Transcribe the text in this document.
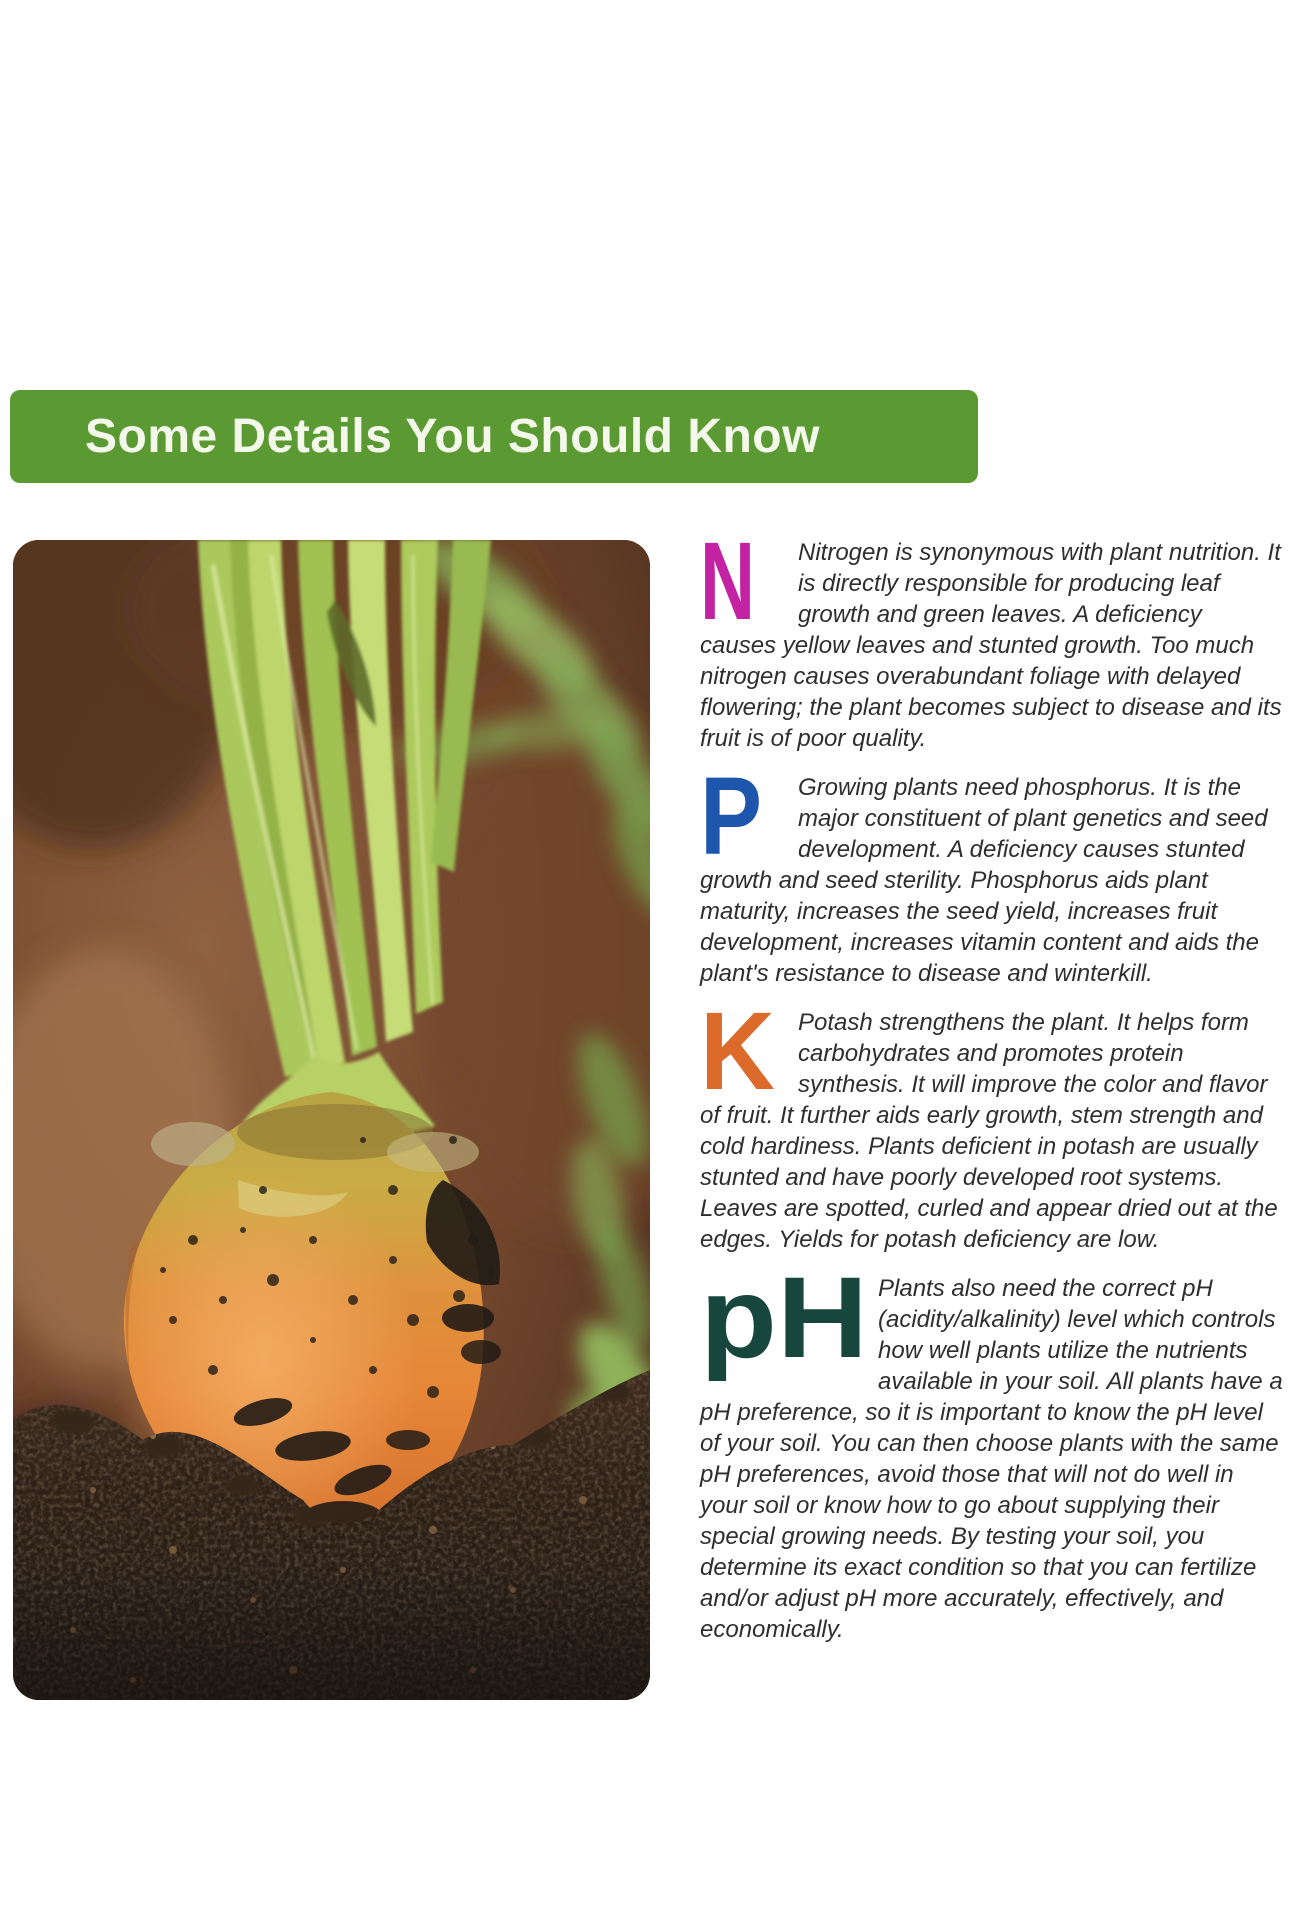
Some Details You Should Know
N	Nitrogen is synonymous with plant nutrition. It is directly responsible for producing leaf growth and green leaves. A deficiency causes yellow leaves and stunted growth. Too much nitrogen causes overabundant foliage with delayed flowering; the plant becomes subject to disease and its fruit is of poor quality.

P	Growing plants need phosphorus. It is the major constituent of plant genetics and seed development. A deficiency causes stunted growth and seed sterility. Phosphorus aids plant maturity, increases the seed yield, increases fruit development, increases vitamin content and aids the plant's resistance to disease and winterkill.

K Potash strengthens the plant. It helps form carbohydrates and promotes protein synthesis. It will improve the color and flavor of fruit. It further aids early growth, stem strength and cold hardiness. Plants deficient in potash are usually stunted and have poorly developed root systems. Leaves are spotted, curled and appear dried out at the edges. Yields for potash deficiency are low.

pH Plants also need the correct pH (acidity/alkalinity) level which controls how well plants utilize the nutrients available in your soil. All plants have a pH preference, so it is important to know the pH level of your soil. You can then choose plants with the same pH preferences, avoid those that will not do well in your soil or know how to go about supplying their special growing needs. By testing your soil, you determine its exact condition so that you can fertilize and/or adjust pH more accurately, effectively, and economically.
